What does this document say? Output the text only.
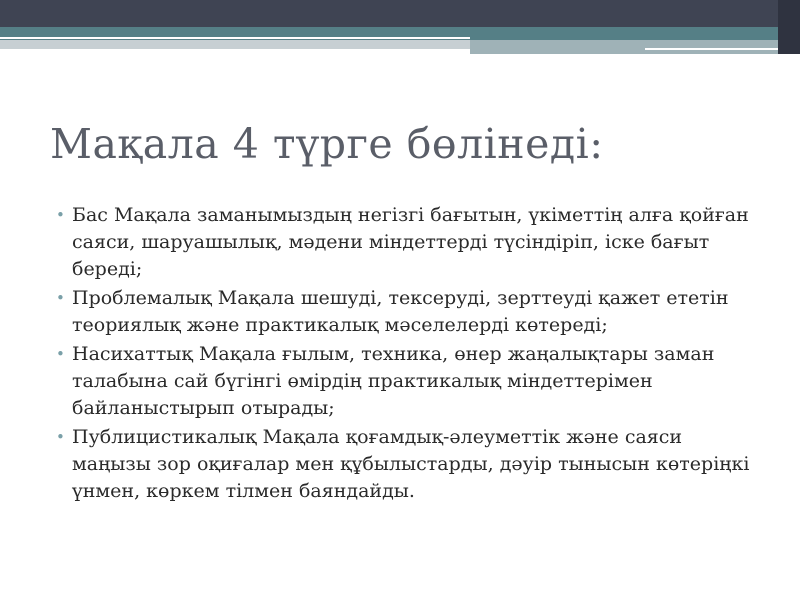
Мақала 4 түрге бөлінеді:
• Бас Мақала заманымыздың негізгі бағытын, үкіметтің алға қойған саяси, шаруашылық, мәдени міндеттерді түсіндіріп, іске бағыт береді;
• Проблемалық Мақала шешуді, тексеруді, зерттеуді қажет ететін теориялық және практикалық мәселелерді көтереді;
• Насихаттық Мақала ғылым, техника, өнер жаңалықтары заман талабына сай бүгінгі өмірдің практикалық міндеттерімен байланыстырып отырады;
• Публицистикалық Мақала қоғамдық-әлеуметтік және саяси маңызы зор оқиғалар мен құбылыстарды, дәуір тынысын көтеріңкі үнмен, көркем тілмен баяндайды.
